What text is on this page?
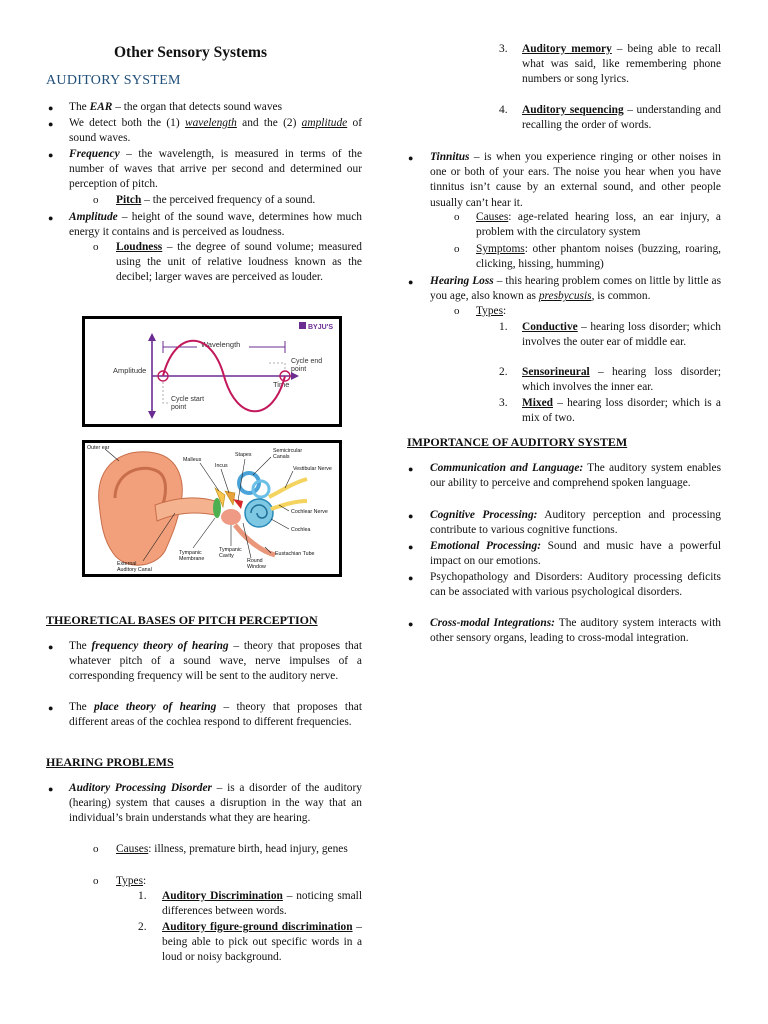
Other Sensory Systems
AUDITORY SYSTEM
● The EAR – the organ that detects sound waves
● We detect both the (1) wavelength and the (2) amplitude of sound waves.
● Frequency – the wavelength, is measured in terms of the number of waves that arrive per second and determined our perception of pitch.
o Pitch – the perceived frequency of a sound.
● Amplitude – height of the sound wave, determines how much energy it contains and is perceived as loudness.
o Loudness – the degree of sound volume; measured using the unit of relative loudness known as the decibel; larger waves are perceived as louder.
BYJU'S
Amplitude
Time
Wavelength
Cycle end
point
Cycle start
point
Outer ear
Malleus
Incus
Stapes
Semicircular
Canals
Vestibular Nerve
Cochlear Nerve
Cochlea
Eustachian Tube
Round
Window
Tympanic
Cavity
Tympanic
Membrane
External
Auditory Canal
THEORETICAL BASES OF PITCH PERCEPTION
● The frequency theory of hearing – theory that proposes that whatever pitch of a sound wave, nerve impulses of a corresponding frequency will be sent to the auditory nerve.
● The place theory of hearing – theory that proposes that different areas of the cochlea respond to different frequencies.
HEARING PROBLEMS
● Auditory Processing Disorder – is a disorder of the auditory (hearing) system that causes a disruption in the way that an individual’s brain understands what they are hearing.
o Causes: illness, premature birth, head injury, genes
o Types:
1. Auditory Discrimination – noticing small differences between words.
2. Auditory figure-ground discrimination – being able to pick out specific words in a loud or noisy background.
3. Auditory memory – being able to recall what was said, like remembering phone numbers or song lyrics.
4. Auditory sequencing – understanding and recalling the order of words.
● Tinnitus – is when you experience ringing or other noises in one or both of your ears. The noise you hear when you have tinnitus isn’t cause by an external sound, and other people usually can’t hear it.
o Causes: age-related hearing loss, an ear injury, a problem with the circulatory system
o Symptoms: other phantom noises (buzzing, roaring, clicking, hissing, humming)
● Hearing Loss – this hearing problem comes on little by little as you age, also known as presbycusis, is common.
o Types:
1. Conductive – hearing loss disorder; which involves the outer ear of middle ear.
2. Sensorineural – hearing loss disorder; which involves the inner ear.
3. Mixed – hearing loss disorder; which is a mix of two.
IMPORTANCE OF AUDITORY SYSTEM
● Communication and Language: The auditory system enables our ability to perceive and comprehend spoken language.
● Cognitive Processing: Auditory perception and processing contribute to various cognitive functions.
● Emotional Processing: Sound and music have a powerful impact on our emotions.
● Psychopathology and Disorders: Auditory processing deficits can be associated with various psychological disorders.
● Cross-modal Integrations: The auditory system interacts with other sensory organs, leading to cross-modal integration.
